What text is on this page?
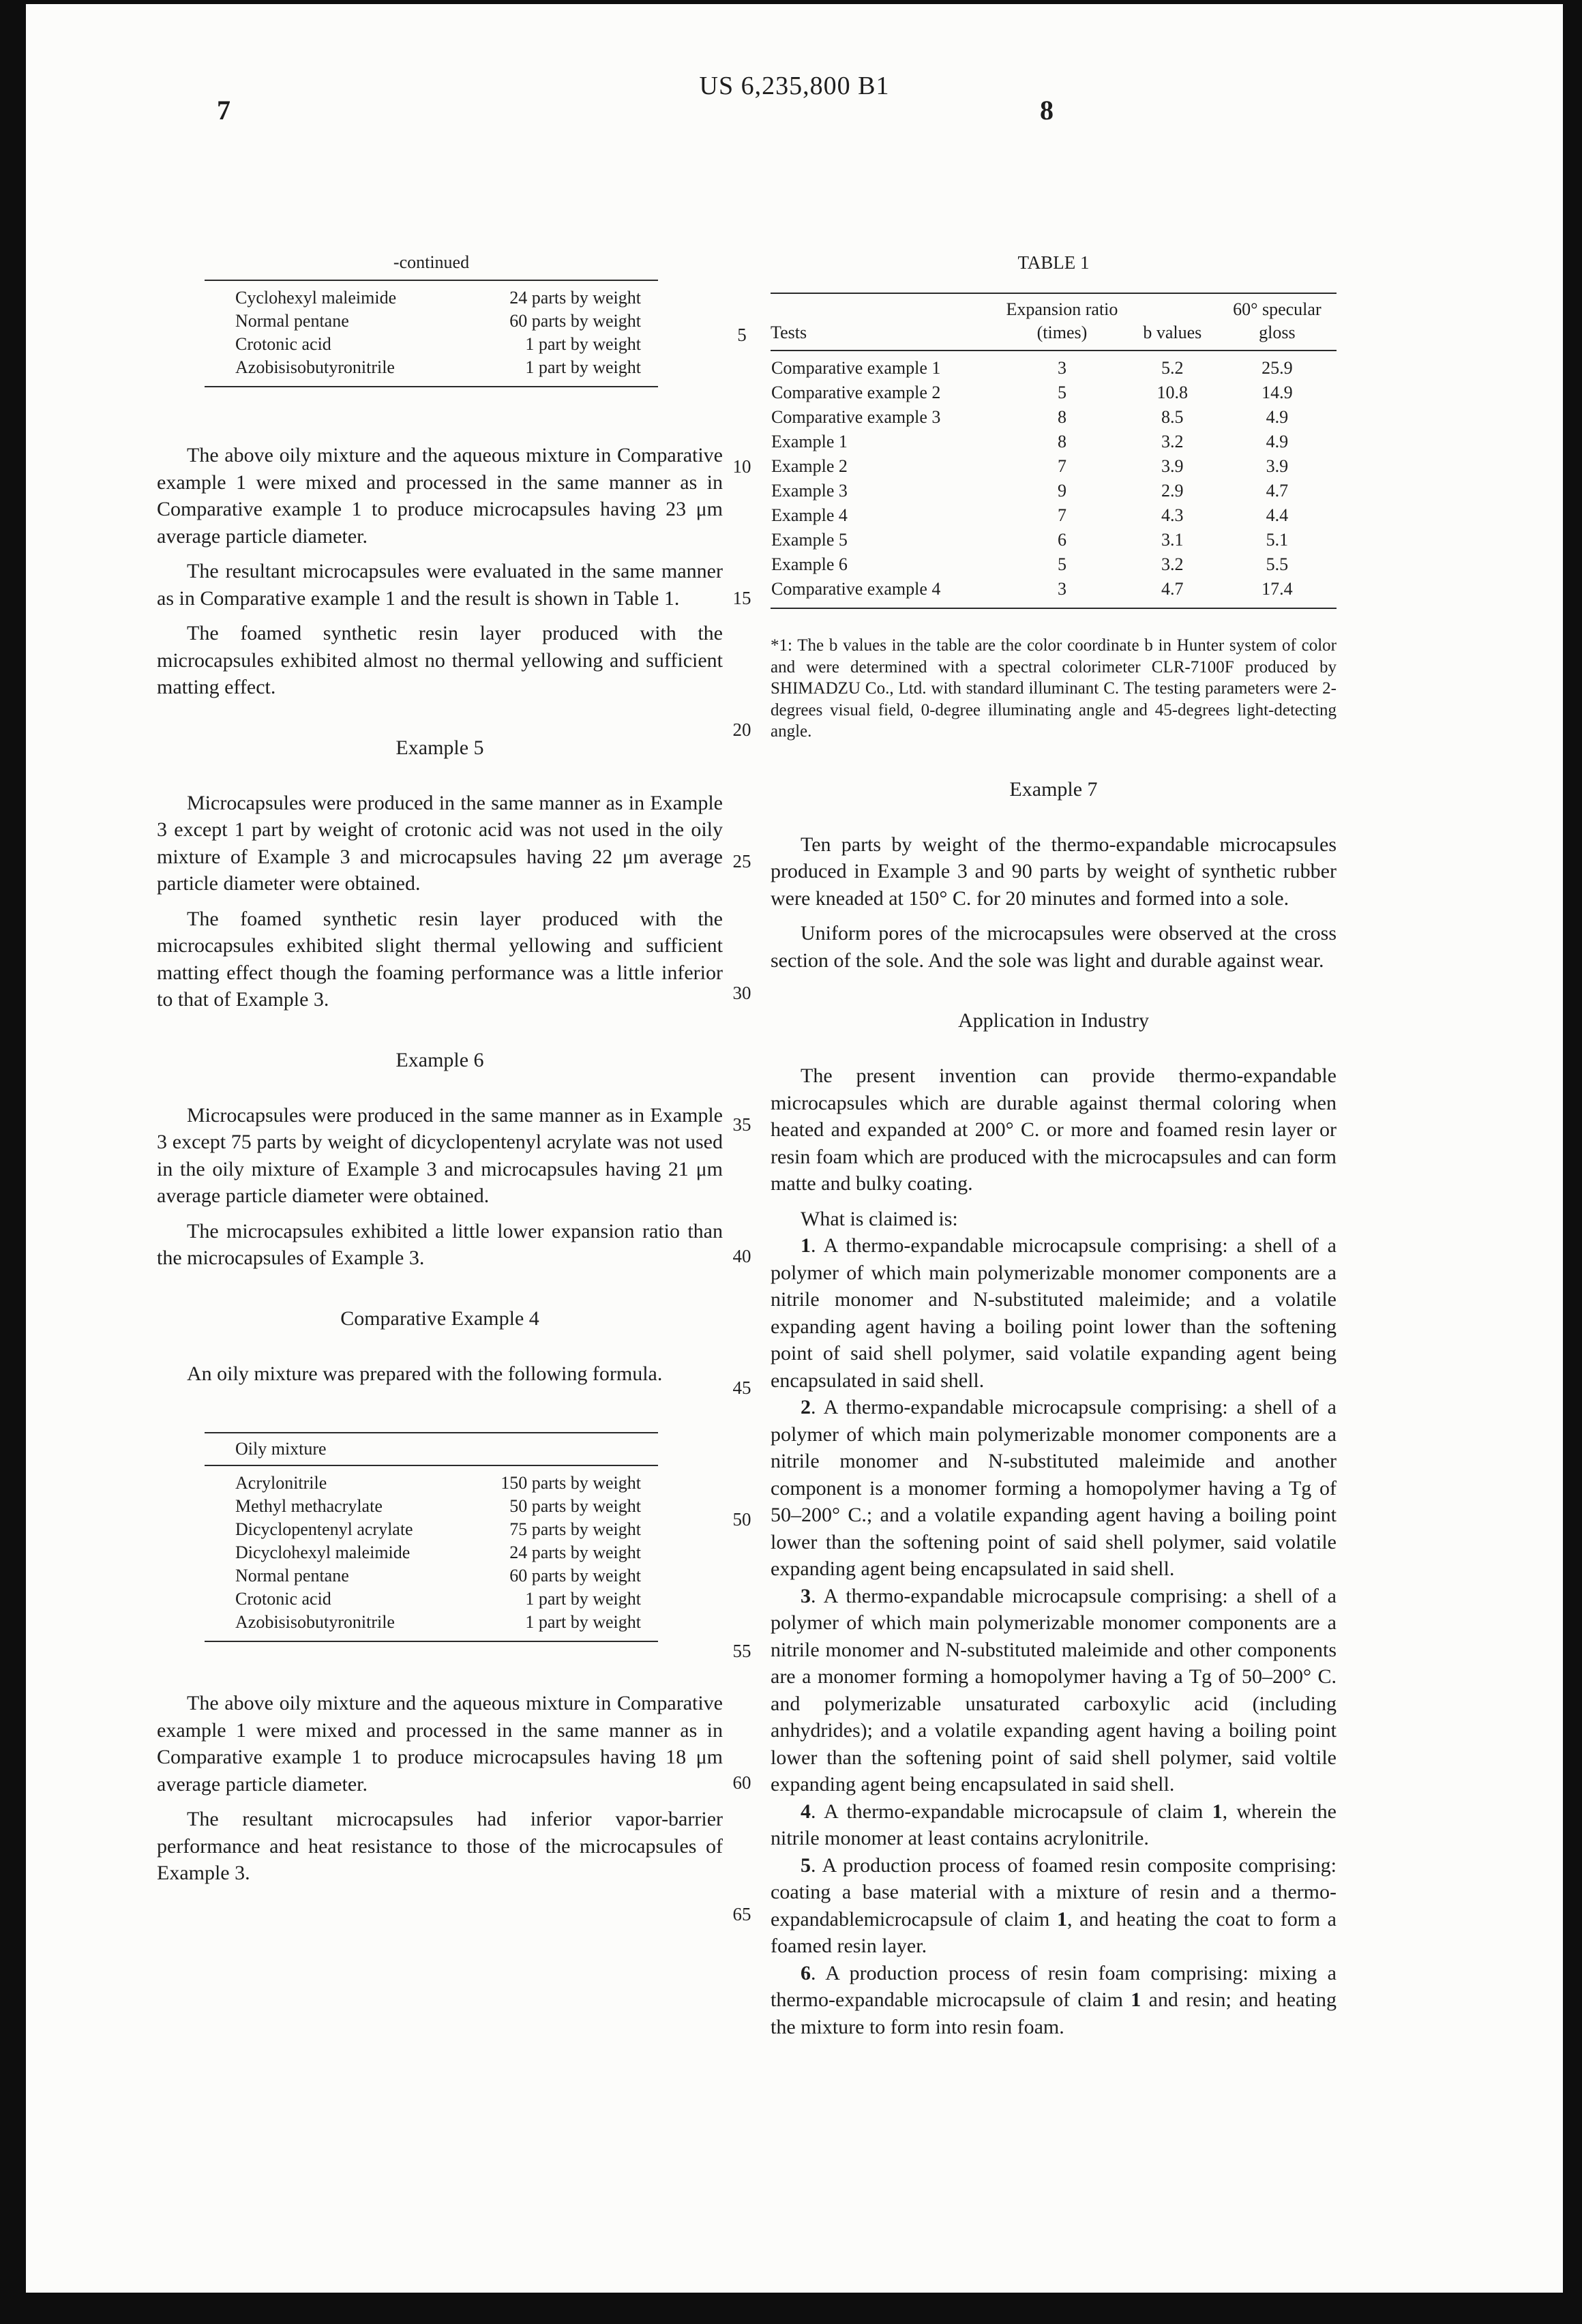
US 6,235,800 B1
7	8
5
10
15
20
25
30
35
40
45
50
55
60
65
-continued
Cyclohexyl maleimide	24 parts by weight
Normal pentane	60 parts by weight
Crotonic acid	1 part by weight
Azobisisobutyronitrile	1 part by weight

The above oily mixture and the aqueous mixture in Comparative example 1 were mixed and processed in the same manner as in Comparative example 1 to produce microcapsules having 23 μm average particle diameter.

The resultant microcapsules were evaluated in the same manner as in Comparative example 1 and the result is shown in Table 1.

The foamed synthetic resin layer produced with the microcapsules exhibited almost no thermal yellowing and sufficient matting effect.

Example 5

Microcapsules were produced in the same manner as in Example 3 except 1 part by weight of crotonic acid was not used in the oily mixture of Example 3 and microcapsules having 22 μm average particle diameter were obtained.

The foamed synthetic resin layer produced with the microcapsules exhibited slight thermal yellowing and sufficient matting effect though the foaming performance was a little inferior to that of Example 3.

Example 6

Microcapsules were produced in the same manner as in Example 3 except 75 parts by weight of dicyclopentenyl acrylate was not used in the oily mixture of Example 3 and microcapsules having 21 μm average particle diameter were obtained.

The microcapsules exhibited a little lower expansion ratio than the microcapsules of Example 3.

Comparative Example 4

An oily mixture was prepared with the following formula.

Oily mixture
Acrylonitrile	150 parts by weight
Methyl methacrylate	50 parts by weight
Dicyclopentenyl acrylate	75 parts by weight
Dicyclohexyl maleimide	24 parts by weight
Normal pentane	60 parts by weight
Crotonic acid	1 part by weight
Azobisisobutyronitrile	1 part by weight

The above oily mixture and the aqueous mixture in Comparative example 1 were mixed and processed in the same manner as in Comparative example 1 to produce microcapsules having 18 μm average particle diameter.

The resultant microcapsules had inferior vapor-barrier performance and heat resistance to those of the microcapsules of Example 3.

TABLE 1
Tests	Expansion ratio (times)	b values	60° specular gloss
Comparative example 1	3	5.2	25.9
Comparative example 2	5	10.8	14.9
Comparative example 3	8	8.5	4.9
Example 1	8	3.2	4.9
Example 2	7	3.9	3.9
Example 3	9	2.9	4.7
Example 4	7	4.3	4.4
Example 5	6	3.1	5.1
Example 6	5	3.2	5.5
Comparative example 4	3	4.7	17.4

*1: The b values in the table are the color coordinate b in Hunter system of color and were determined with a spectral colorimeter CLR-7100F produced by SHIMADZU Co., Ltd. with standard illuminant C. The testing parameters were 2-degrees visual field, 0-degree illuminating angle and 45-degrees light-detecting angle.

Example 7

Ten parts by weight of the thermo-expandable microcapsules produced in Example 3 and 90 parts by weight of synthetic rubber were kneaded at 150° C. for 20 minutes and formed into a sole.

Uniform pores of the microcapsules were observed at the cross section of the sole. And the sole was light and durable against wear.

Application in Industry

The present invention can provide thermo-expandable microcapsules which are durable against thermal coloring when heated and expanded at 200° C. or more and foamed resin layer or resin foam which are produced with the microcapsules and can form matte and bulky coating.

What is claimed is:

1. A thermo-expandable microcapsule comprising: a shell of a polymer of which main polymerizable monomer components are a nitrile monomer and N-substituted maleimide; and a volatile expanding agent having a boiling point lower than the softening point of said shell polymer, said volatile expanding agent being encapsulated in said shell.

2. A thermo-expandable microcapsule comprising: a shell of a polymer of which main polymerizable monomer components are a nitrile monomer and N-substituted maleimide and another component is a monomer forming a homopolymer having a Tg of 50–200° C.; and a volatile expanding agent having a boiling point lower than the softening point of said shell polymer, said volatile expanding agent being encapsulated in said shell.

3. A thermo-expandable microcapsule comprising: a shell of a polymer of which main polymerizable monomer components are a nitrile monomer and N-substituted maleimide and other components are a monomer forming a homopolymer having a Tg of 50–200° C. and polymerizable unsaturated carboxylic acid (including anhydrides); and a volatile expanding agent having a boiling point lower than the softening point of said shell polymer, said voltile expanding agent being encapsulated in said shell.

4. A thermo-expandable microcapsule of claim 1, wherein the nitrile monomer at least contains acrylonitrile.

5. A production process of foamed resin composite comprising: coating a base material with a mixture of resin and a thermo-expandablemicrocapsule of claim 1, and heating the coat to form a foamed resin layer.

6. A production process of resin foam comprising: mixing a thermo-expandable microcapsule of claim 1 and resin; and heating the mixture to form into resin foam.
